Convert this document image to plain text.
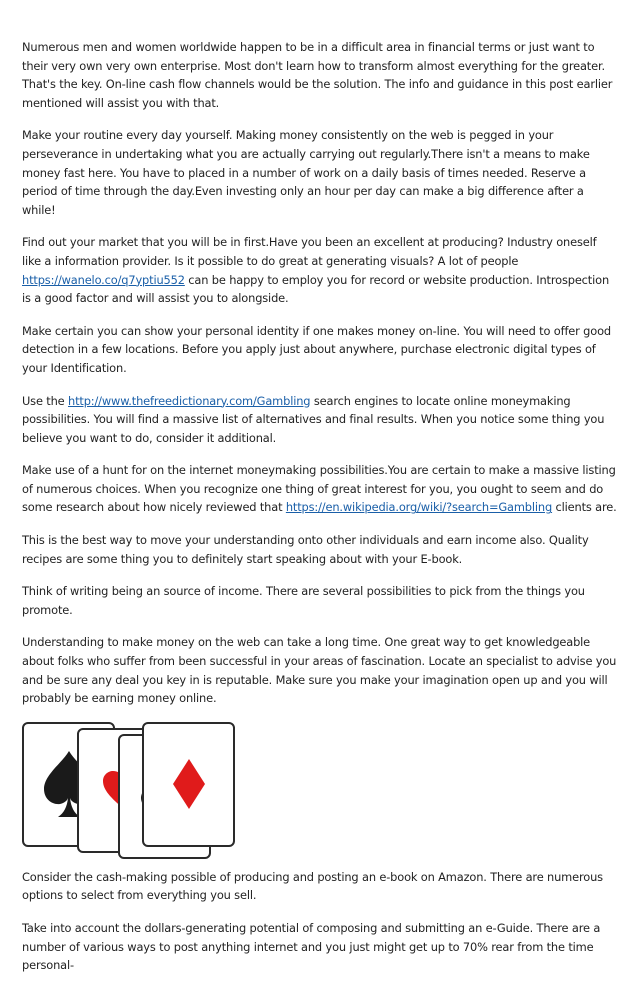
Numerous men and women worldwide happen to be in a difficult area in financial terms or just want to their very own very own enterprise. Most don't learn how to transform almost everything for the greater. That's the key. On-line cash flow channels would be the solution. The info and guidance in this post earlier mentioned will assist you with that.

Make your routine every day yourself. Making money consistently on the web is pegged in your perseverance in undertaking what you are actually carrying out regularly.There isn't a means to make money fast here. You have to placed in a number of work on a daily basis of times needed. Reserve a period of time through the day.Even investing only an hour per day can make a big difference after a while!

Find out your market that you will be in first.Have you been an excellent at producing? Industry oneself like a information provider. Is it possible to do great at generating visuals? A lot of people https://wanelo.co/q7yptiu552 can be happy to employ you for record or website production. Introspection is a good factor and will assist you to alongside.

Make certain you can show your personal identity if one makes money on-line. You will need to offer good detection in a few locations. Before you apply just about anywhere, purchase electronic digital types of your Identification.

Use the http://www.thefreedictionary.com/Gambling search engines to locate online moneymaking possibilities. You will find a massive list of alternatives and final results. When you notice some thing you believe you want to do, consider it additional.

Make use of a hunt for on the internet moneymaking possibilities.You are certain to make a massive listing of numerous choices. When you recognize one thing of great interest for you, you ought to seem and do some research about how nicely reviewed that https://en.wikipedia.org/wiki/?search=Gambling clients are.

This is the best way to move your understanding onto other individuals and earn income also. Quality recipes are some thing you to definitely start speaking about with your E-book.

Think of writing being an source of income. There are several possibilities to pick from the things you promote.

Understanding to make money on the web can take a long time. One great way to get knowledgeable about folks who suffer from been successful in your areas of fascination. Locate an specialist to advise you and be sure any deal you key in is reputable. Make sure you make your imagination open up and you will probably be earning money online.

Consider the cash-making possible of producing and posting an e-book on Amazon. There are numerous options to select from everything you sell.

Take into account the dollars-generating potential of composing and submitting an e-Guide. There are a number of various ways to post anything internet and you just might get up to 70% rear from the time personal-
